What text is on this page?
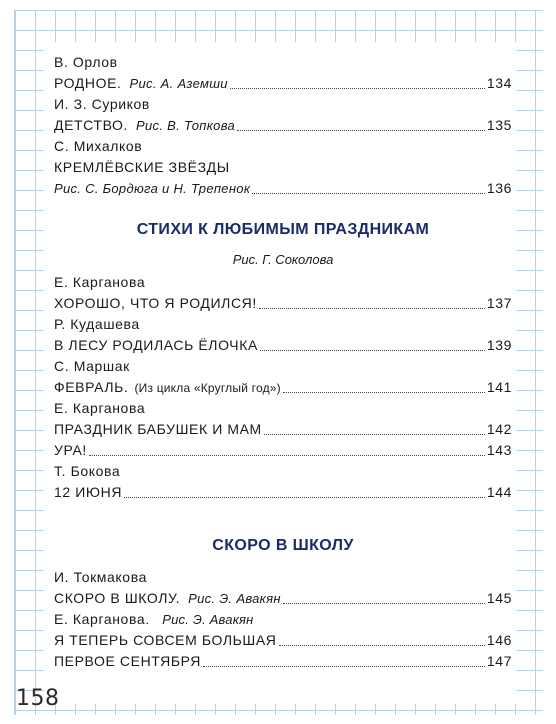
В. Орлов
РОДНОЕ. Рис. А. Аземши	134
И. З. Суриков
ДЕТСТВО. Рис. В. Топкова	135
С. Михалков
КРЕМЛЁВСКИЕ ЗВЁЗДЫ
Рис. С. Бордюга и Н. Трепенок	136
СТИХИ К ЛЮБИМЫМ ПРАЗДНИКАМ
Рис. Г. Соколова
Е. Карганова
ХОРОШО, ЧТО Я РОДИЛСЯ!	137
Р. Кудашева
В ЛЕСУ РОДИЛАСЬ ЁЛОЧКА	139
С. Маршак
ФЕВРАЛЬ. (Из цикла «Круглый год»)	141
Е. Карганова
ПРАЗДНИК БАБУШЕК И МАМ	142
УРА!	143
Т. Бокова
12 ИЮНЯ	144
СКОРО В ШКОЛУ
И. Токмакова
СКОРО В ШКОЛУ. Рис. Э. Авакян	145
Е. Карганова. Рис. Э. Авакян
Я ТЕПЕРЬ СОВСЕМ БОЛЬШАЯ	146
ПЕРВОЕ СЕНТЯБРЯ	147
158
